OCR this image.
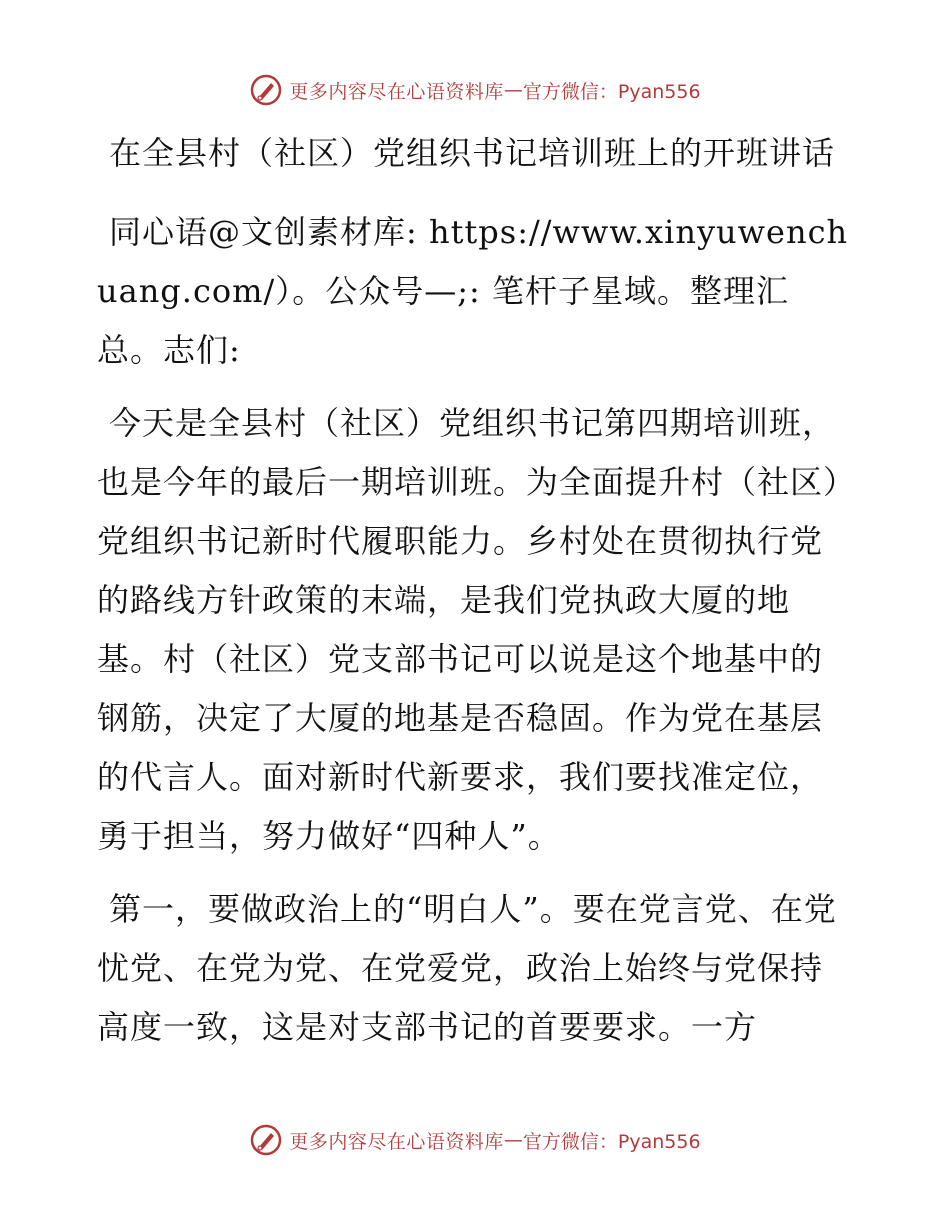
更多内容尽在心语资料库 — 官方微信：Pyan556

在全县村（社区）党组织书记培训班上的开班讲话

同心语@文创素材库: https://www.xinyuwenchuang.com/）。公众号—;: 笔杆子星域。整理汇总。志们:

今天是全县村（社区）党组织书记第四期培训班，也是今年的最后一期培训班。为全面提升村（社区）党组织书记新时代履职能力。乡村处在贯彻执行党的路线方针政策的末端，是我们党执政大厦的地基。村（社区）党支部书记可以说是这个地基中的钢筋，决定了大厦的地基是否稳固。作为党在基层的代言人。面对新时代新要求，我们要找准定位，勇于担当，努力做好“四种人”。

第一，要做政治上的“明白人”。要在党言党、在党忧党、在党为党、在党爱党，政治上始终与党保持高度一致，这是对支部书记的首要要求。一方

更多内容尽在心语资料库 — 官方微信：Pyan556
